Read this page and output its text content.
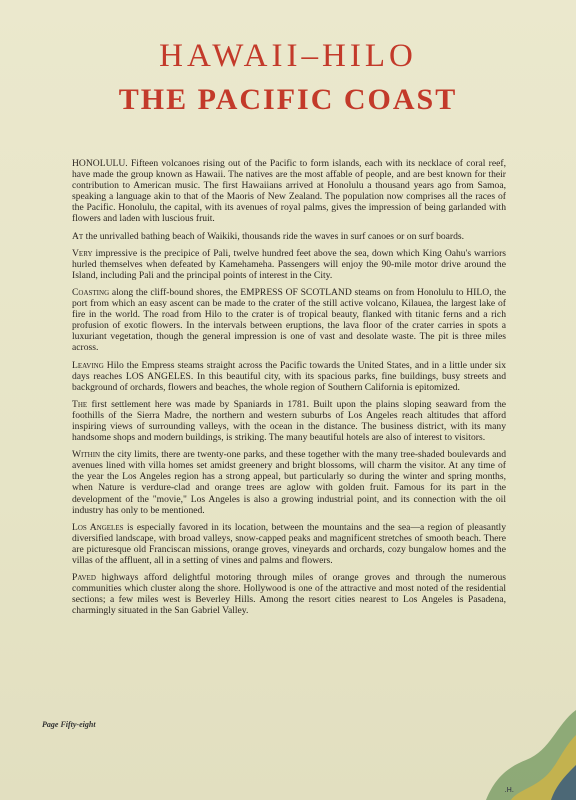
HAWAII–HILO
THE PACIFIC COAST

HONOLULU. Fifteen volcanoes rising out of the Pacific to form islands, each with its necklace of coral reef, have made the group known as Hawaii. The natives are the most affable of people, and are best known for their contribution to American music. The first Hawaiians arrived at Honolulu a thousand years ago from Samoa, speaking a language akin to that of the Maoris of New Zealand. The population now comprises all the races of the Pacific. Honolulu, the capital, with its avenues of royal palms, gives the impression of being garlanded with flowers and laden with luscious fruit.

At the unrivalled bathing beach of Waikiki, thousands ride the waves in surf canoes or on surf boards.

Very impressive is the precipice of Pali, twelve hundred feet above the sea, down which King Oahu's warriors hurled themselves when defeated by Kamehameha. Passengers will enjoy the 90-mile motor drive around the Island, including Pali and the principal points of interest in the City.

Coasting along the cliff-bound shores, the EMPRESS OF SCOTLAND steams on from Honolulu to HILO, the port from which an easy ascent can be made to the crater of the still active volcano, Kilauea, the largest lake of fire in the world. The road from Hilo to the crater is of tropical beauty, flanked with titanic ferns and a rich profusion of exotic flowers. In the intervals between eruptions, the lava floor of the crater carries in spots a luxuriant vegetation, though the general impression is one of vast and desolate waste. The pit is three miles across.

Leaving Hilo the Empress steams straight across the Pacific towards the United States, and in a little under six days reaches LOS ANGELES. In this beautiful city, with its spacious parks, fine buildings, busy streets and background of orchards, flowers and beaches, the whole region of Southern California is epitomized.

The first settlement here was made by Spaniards in 1781. Built upon the plains sloping seaward from the foothills of the Sierra Madre, the northern and western suburbs of Los Angeles reach altitudes that afford inspiring views of surrounding valleys, with the ocean in the distance. The business district, with its many handsome shops and modern buildings, is striking. The many beautiful hotels are also of interest to visitors.

Within the city limits, there are twenty-one parks, and these together with the many tree-shaded boulevards and avenues lined with villa homes set amidst greenery and bright blossoms, will charm the visitor. At any time of the year the Los Angeles region has a strong appeal, but particularly so during the winter and spring months, when Nature is verdure-clad and orange trees are aglow with golden fruit. Famous for its part in the development of the "movie," Los Angeles is also a growing industrial point, and its connection with the oil industry has only to be mentioned.

Los Angeles is especially favored in its location, between the mountains and the sea—a region of pleasantly diversified landscape, with broad valleys, snow-capped peaks and magnificent stretches of smooth beach. There are picturesque old Franciscan missions, orange groves, vineyards and orchards, cozy bungalow homes and the villas of the affluent, all in a setting of vines and palms and flowers.

Paved highways afford delightful motoring through miles of orange groves and through the numerous communities which cluster along the shore. Hollywood is one of the attractive and most noted of the residential sections; a few miles west is Beverley Hills. Among the resort cities nearest to Los Angeles is Pasadena, charmingly situated in the San Gabriel Valley.

Page Fifty-eight
.H.
